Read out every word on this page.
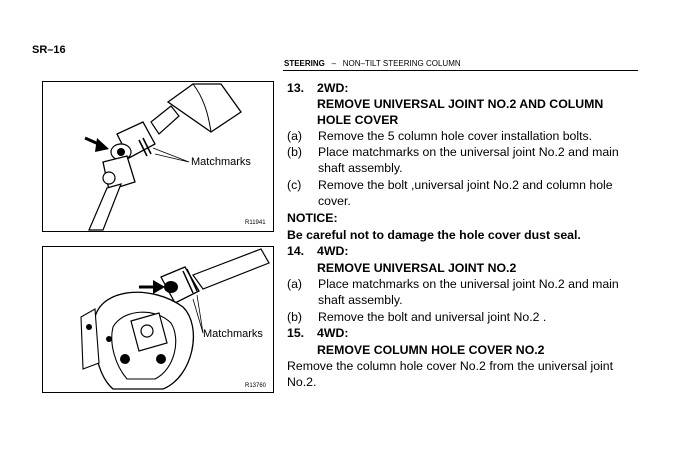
SR–16
STEERING – NON–TILT STEERING COLUMN
Matchmarks
R11941
Matchmarks
R13760
13. 2WD:
REMOVE UNIVERSAL JOINT NO.2 AND COLUMN
HOLE COVER
(a) Remove the 5 column hole cover installation bolts.
(b) Place matchmarks on the universal joint No.2 and main
shaft assembly.
(c) Remove the bolt ,universal joint No.2 and column hole
cover.
NOTICE:
Be careful not to damage the hole cover dust seal.
14. 4WD:
REMOVE UNIVERSAL JOINT NO.2
(a) Place matchmarks on the universal joint No.2 and main
shaft assembly.
(b) Remove the bolt and universal joint No.2 .
15. 4WD:
REMOVE COLUMN HOLE COVER NO.2
Remove the column hole cover No.2 from the universal joint
No.2.
